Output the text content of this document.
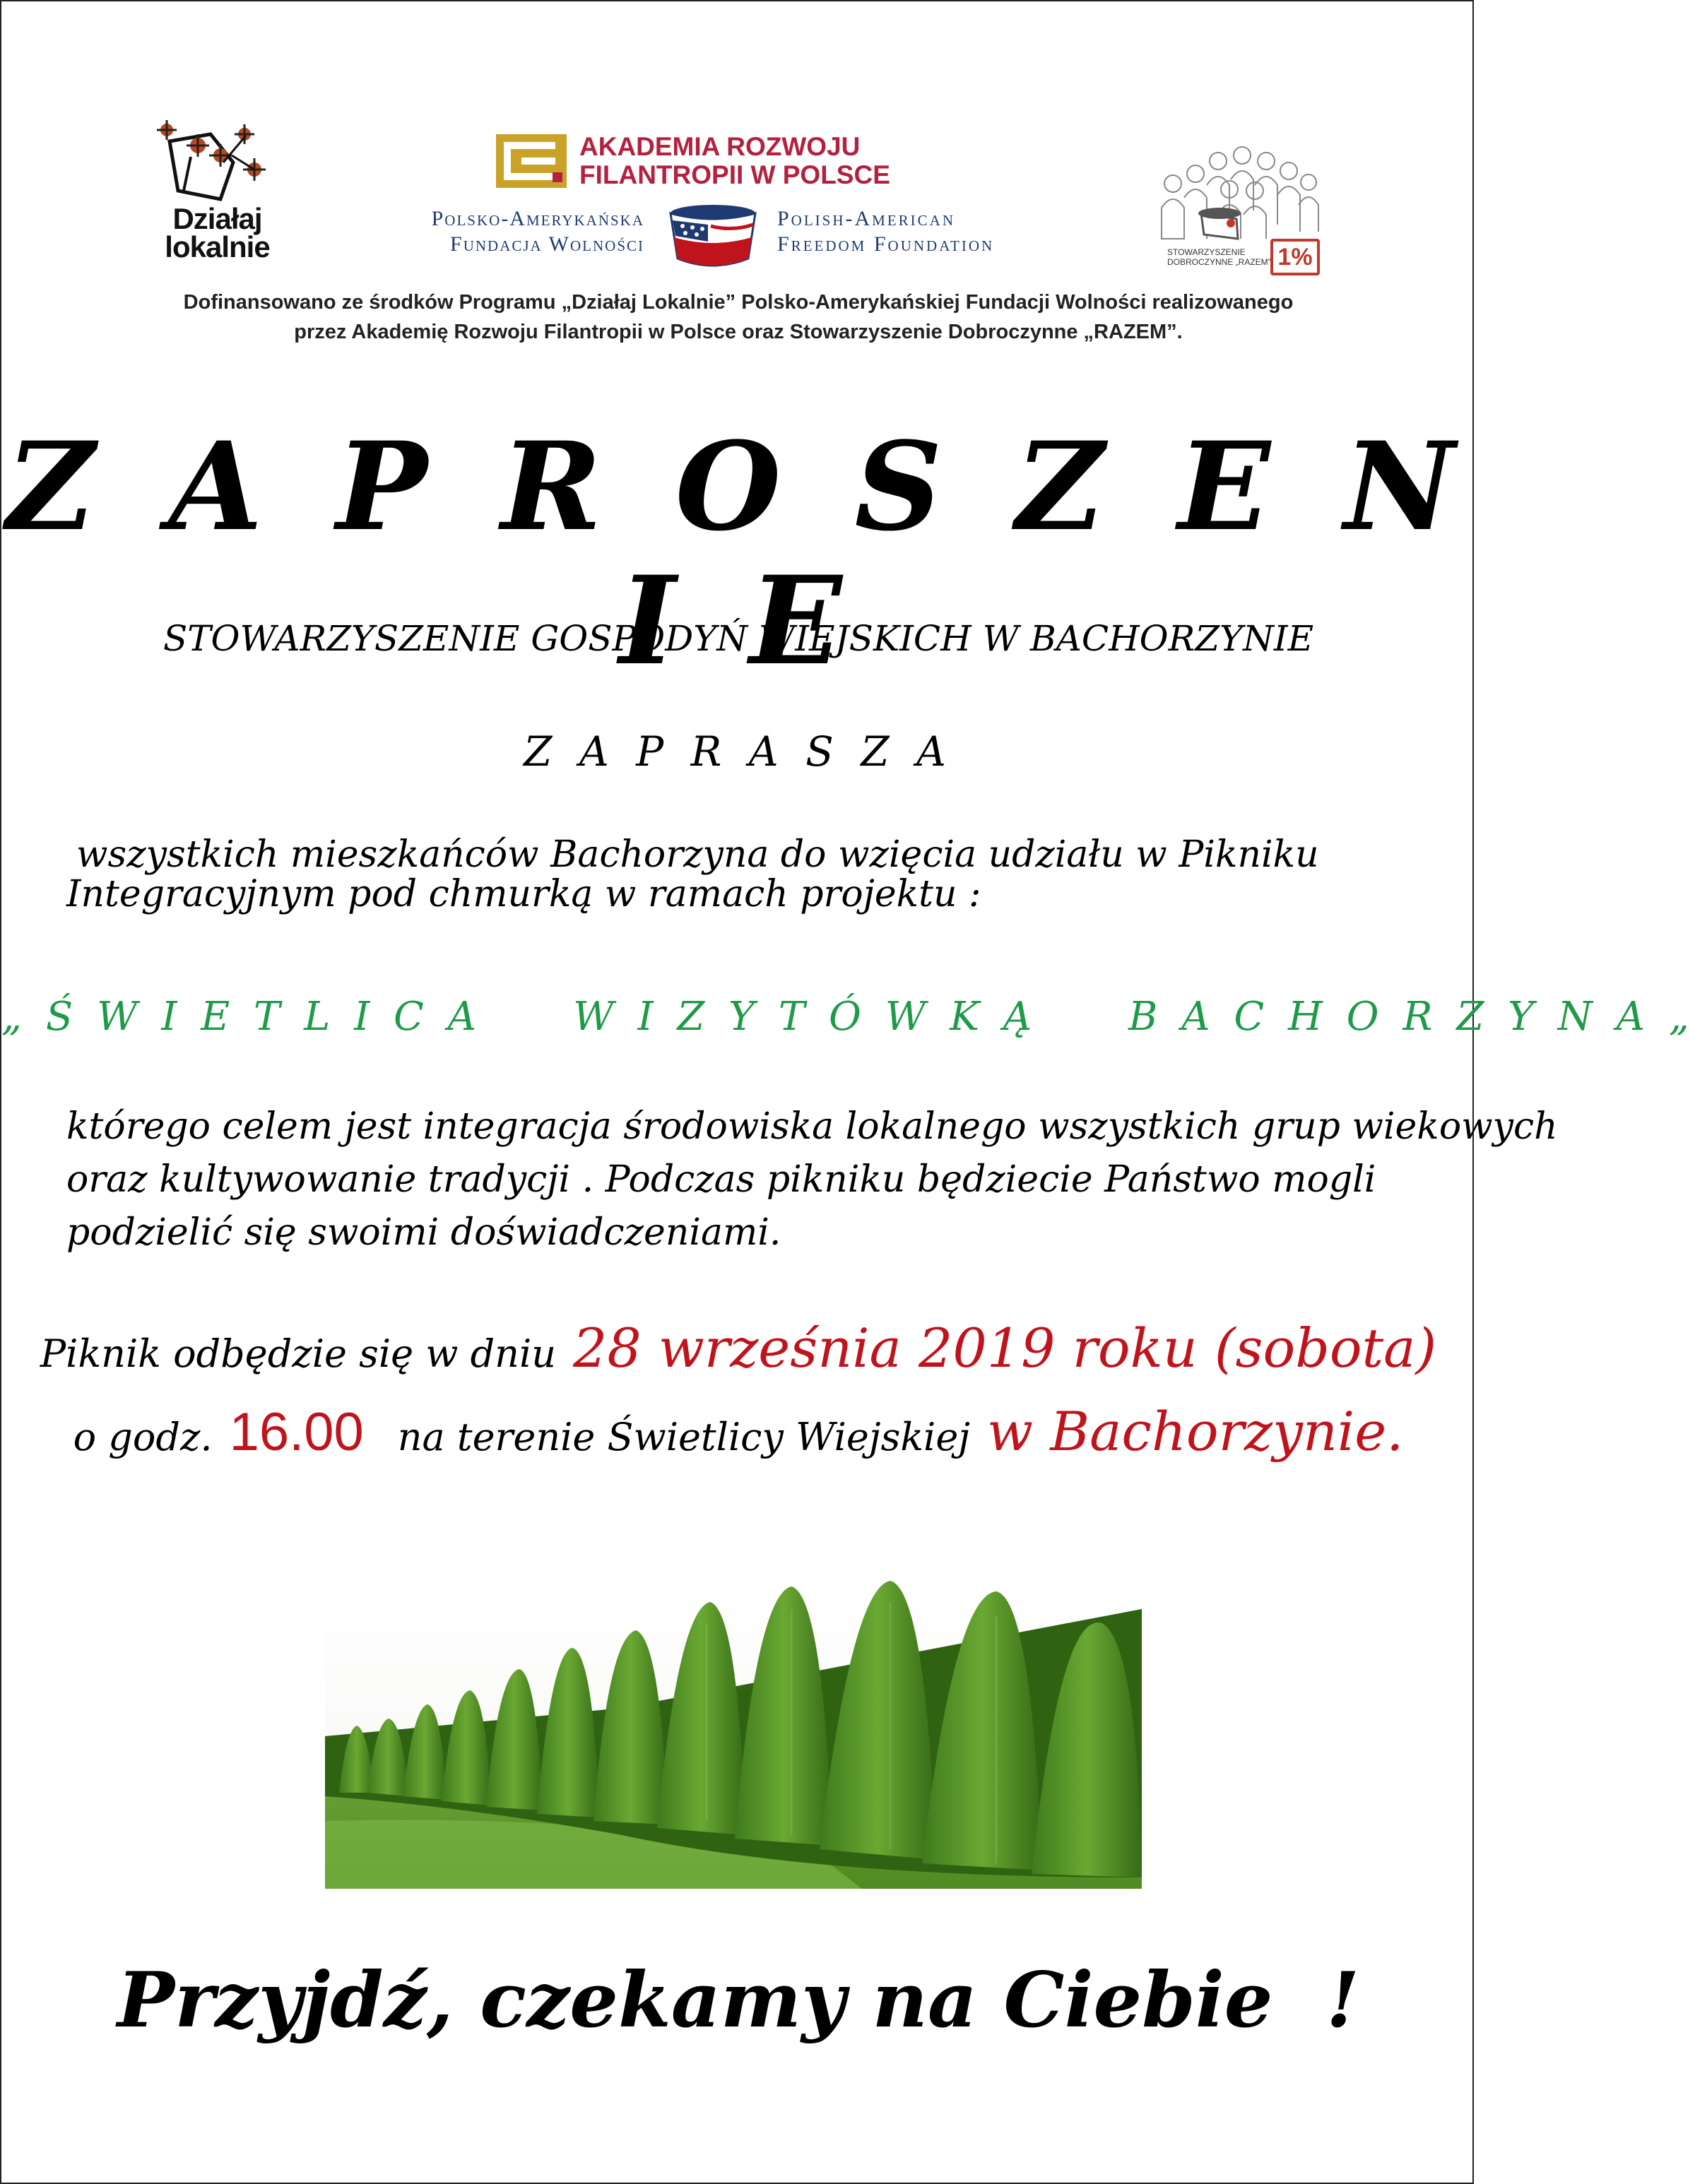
Działaj
lokalnie
AKADEMIA ROZWOJU
FILANTROPII W POLSCE
Polsko-Amerykańska
Fundacja Wolności
Polish-American
Freedom Foundation	STOWARZYSZENIE
DOBROCZYNNE „RAZEM” 1%
Dofinansowano ze środków Programu „Działaj Lokalnie” Polsko-Amerykańskiej Fundacji Wolności realizowanego
przez Akademię Rozwoju Filantropii w Polsce oraz Stowarzyszenie Dobroczynne „RAZEM”.
Z A P R O S Z E N I E
STOWARZYSZENIE GOSPODYŃ WIEJSKICH W BACHORZYNIE
Z A P R A S Z A
wszystkich mieszkańców Bachorzyna do wzięcia udziału w Pikniku
Integracyjnym pod chmurką w ramach projektu :
„ Ś W I E T L I C A     W I Z Y T Ó W K Ą     B A C H O R Z Y N A „
którego celem jest integracja środowiska lokalnego wszystkich grup wiekowych
oraz kultywowanie tradycji . Podczas pikniku będziecie Państwo mogli
podzielić się swoimi doświadczeniami.
Piknik odbędzie się w dniu 28 września 2019 roku (sobota)
o godz. 16.00 na terenie Świetlicy Wiejskiej w Bachorzynie.
Przyjdź, czekamy na Ciebie  !
